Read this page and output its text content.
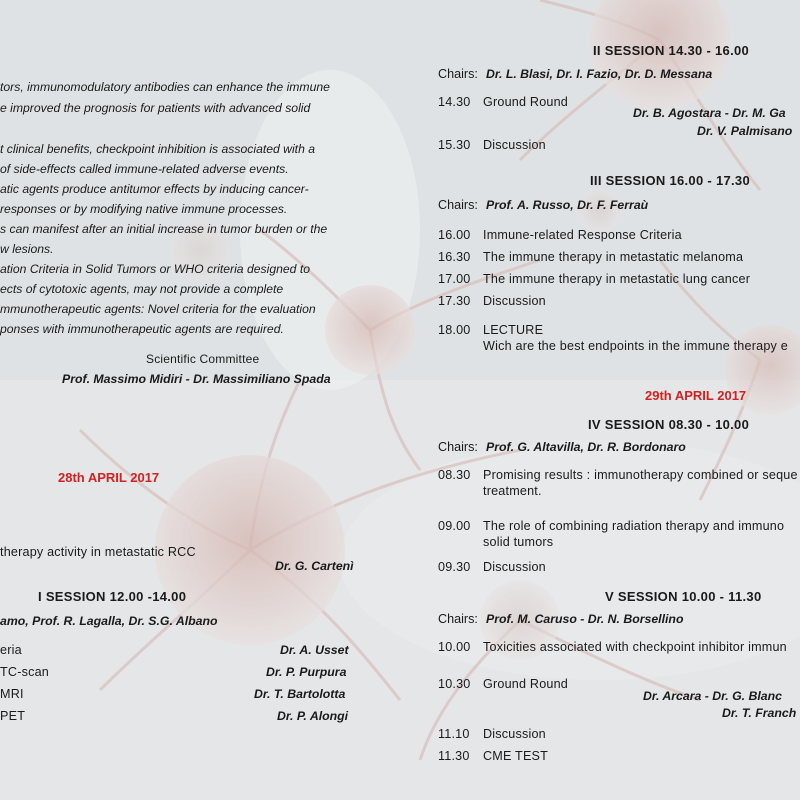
tors, immunomodulatory antibodies can enhance the immune
e improved the prognosis for patients with advanced solid
t clinical benefits, checkpoint inhibition is associated with a
of side-effects called immune-related adverse events.
atic agents produce antitumor effects by inducing cancer-
responses or by modifying native immune processes.
s can manifest after an initial increase in tumor burden or the
w lesions.
ation Criteria in Solid Tumors or WHO criteria designed to
ects of cytotoxic agents, may not provide a complete
mmunotherapeutic agents: Novel criteria for the evaluation
ponses with immunotherapeutic agents are required.
Scientific Committee
Prof. Massimo Midiri - Dr. Massimiliano Spada
28th APRIL 2017
therapy activity in metastatic RCC
Dr. G. Cartenì
I SESSION 12.00 -14.00
amo, Prof. R. Lagalla, Dr. S.G. Albano
eria	Dr. A. Usset
TC-scan	Dr. P. Purpura
MRI	Dr. T. Bartolotta
PET	Dr. P. Alongi
II SESSION 14.30 - 16.00
Chairs: Dr. L. Blasi, Dr. I. Fazio, Dr. D. Messana
14.30 Ground Round
Dr. B. Agostara - Dr. M. Ga
Dr. V. Palmisano
15.30 Discussion
III SESSION 16.00 - 17.30
Chairs: Prof. A. Russo, Dr. F. Ferraù
16.00 Immune-related Response Criteria
16.30 The immune therapy in metastatic melanoma
17.00 The immune therapy in metastatic lung cancer
17.30 Discussion
18.00 LECTURE
Wich are the best endpoints in the immune therapy e
29th APRIL 2017
IV SESSION 08.30 - 10.00
Chairs: Prof. G. Altavilla, Dr. R. Bordonaro
08.30 Promising results : immunotherapy combined or seque
treatment.
09.00 The role of combining radiation therapy and immuno
solid tumors
09.30 Discussion
V SESSION 10.00 - 11.30
Chairs: Prof. M. Caruso - Dr. N. Borsellino
10.00 Toxicities associated with checkpoint inhibitor immun
10.30 Ground Round
Dr. Arcara - Dr. G. Blanc
Dr. T. Franch
11.10 Discussion
11.30 CME TEST
